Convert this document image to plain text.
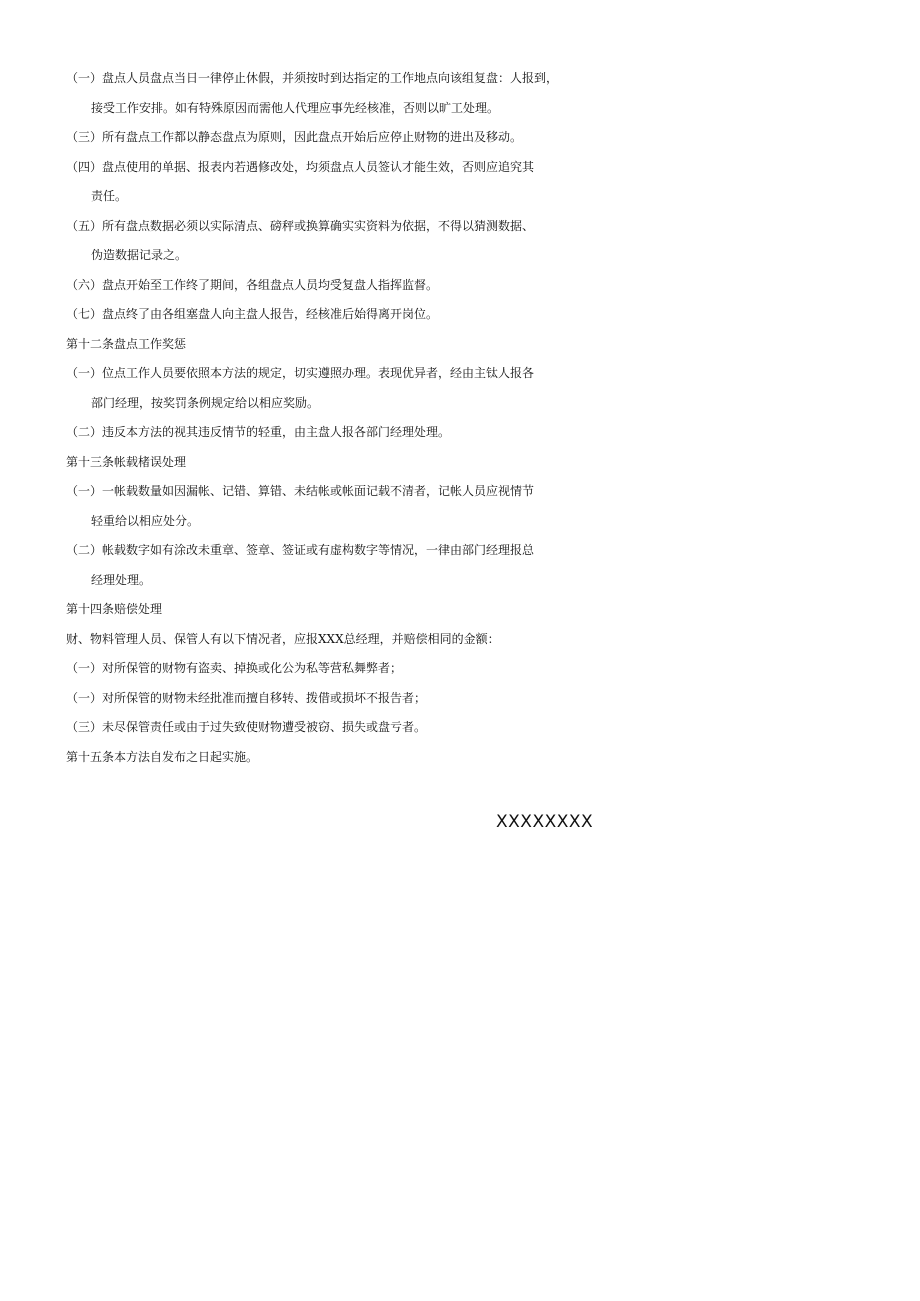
（一）盘点人员盘点当日一律停止休假，并须按时到达指定的工作地点向该组复盘：人报到，
接受工作安排。如有特殊原因而需他人代理应事先经核准，否则以旷工处理。
（三）所有盘点工作都以静态盘点为原则，因此盘点开始后应停止财物的进出及移动。
（四）盘点使用的单据、报表内若遇修改处，均须盘点人员签认才能生效，否则应追究其
责任。
（五）所有盘点数据必须以实际清点、磅秤或换算确实实资料为依据，不得以猜测数据、
伪造数据记录之。
（六）盘点开始至工作终了期间，各组盘点人员均受复盘人指挥监督。
（七）盘点终了由各组塞盘人向主盘人报告，经核准后始得离开岗位。
第十二条盘点工作奖惩
（一）位点工作人员要依照本方法的规定，切实遵照办理。表现优异者，经由主钛人报各
部门经理，按奖罚条例规定给以相应奖励。
（二）违反本方法的视其违反情节的轻重，由主盘人报各部门经理处理。
第十三条帐载楮误处理
（一）一帐载数量如因漏帐、记错、算错、未结帐或帐面记载不清者，记帐人员应视情节
轻重给以相应处分。
（二）帐载数字如有涂改未重章、签章、签证或有虚构数字等情况，一律由部门经理报总
经理处理。
第十四条赔偿处理
财、物料管理人员、保管人有以下情况者，应报XXX总经理，并赔偿相同的金额：
（一）对所保管的财物有盗卖、掉换或化公为私等营私舞弊者；
（一）对所保管的财物未经批准而擅自移转、拨借或损坏不报告者；
（三）未尽保管责任或由于过失致使财物遭受被窃、损失或盘亏者。
第十五条本方法自发布之日起实施。
XXXXXXXX
